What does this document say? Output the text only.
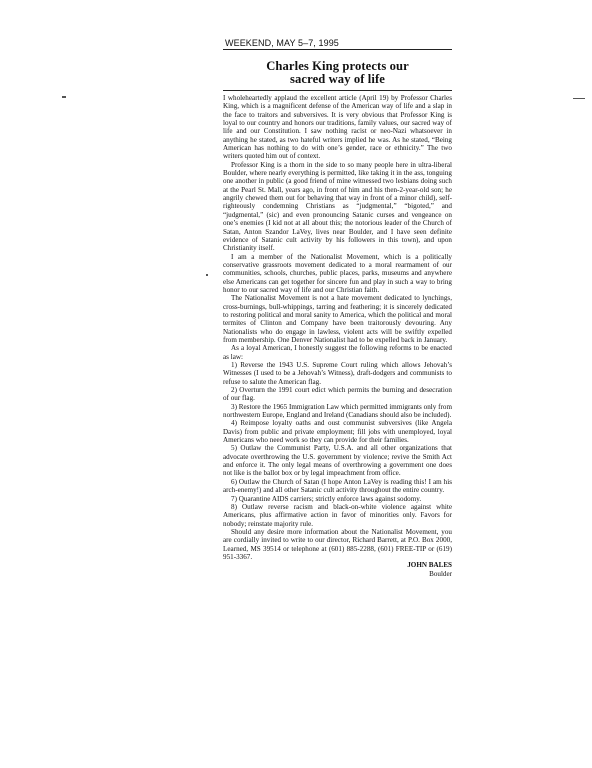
WEEKEND, MAY 5–7, 1995
Charles King protects our
sacred way of life

I wholeheartedly applaud the excellent article (April 19) by Professor Charles King, which is a magnificent defense of the American way of life and a slap in the face to traitors and subversives. It is very obvious that Professor King is loyal to our country and honors our traditions, family values, our sacred way of life and our Constitution. I saw nothing racist or neo-Nazi whatsoever in anything he stated, as two hateful writers implied he was. As he stated, “Being American has nothing to do with one’s gender, race or ethnicity.” The two writers quoted him out of context.

Professor King is a thorn in the side to so many people here in ultra-liberal Boulder, where nearly everything is permitted, like taking it in the ass, tonguing one another in public (a good friend of mine witnessed two lesbians doing such at the Pearl St. Mall, years ago, in front of him and his then-2-year-old son; he angrily chewed them out for behaving that way in front of a minor child), self-righteously condemning Christians as “judgmental,” “bigoted,” and “judgmental,” (sic) and even pronouncing Satanic curses and vengeance on one’s enemies (I kid not at all about this; the notorious leader of the Church of Satan, Anton Szandor LaVey, lives near Boulder, and I have seen definite evidence of Satanic cult activity by his followers in this town), and upon Christianity itself.

I am a member of the Nationalist Movement, which is a politically conservative grassroots movement dedicated to a moral rearmament of our communities, schools, churches, public places, parks, museums and anywhere else Americans can get together for sincere fun and play in such a way to bring honor to our sacred way of life and our Christian faith.

The Nationalist Movement is not a hate movement dedicated to lynchings, cross-burnings, bull-whippings, tarring and feathering; it is sincerely dedicated to restoring political and moral sanity to America, which the political and moral termites of Clinton and Company have been traitorously devouring. Any Nationalists who do engage in lawless, violent acts will be swiftly expelled from membership. One Denver Nationalist had to be expelled back in January.

As a loyal American, I honestly suggest the following reforms to be enacted as law:

1) Reverse the 1943 U.S. Supreme Court ruling which allows Jehovah’s Witnesses (I used to be a Jehovah’s Witness), draft-dodgers and communists to refuse to salute the American flag.

2) Overturn the 1991 court edict which permits the burning and desecration of our flag.

3) Restore the 1965 Immigration Law which permitted immigrants only from northwestern Europe, England and Ireland (Canadians should also be included).

4) Reimpose loyalty oaths and oust communist subversives (like Angela Davis) from public and private employment; fill jobs with unemployed, loyal Americans who need work so they can provide for their families.

5) Outlaw the Communist Party, U.S.A. and all other organizations that advocate overthrowing the U.S. government by violence; revive the Smith Act and enforce it. The only legal means of overthrowing a government one does not like is the ballot box or by legal impeachment from office.

6) Outlaw the Church of Satan (I hope Anton LaVey is reading this! I am his arch-enemy!) and all other Satanic cult activity throughout the entire country.

7) Quarantine AIDS carriers; strictly enforce laws against sodomy.

8) Outlaw reverse racism and black-on-white violence against white Americans, plus affirmative action in favor of minorities only. Favors for nobody; reinstate majority rule.

Should any desire more information about the Nationalist Movement, you are cordially invited to write to our director, Richard Barrett, at P.O. Box 2000, Learned, MS 39514 or telephone at (601) 885-2288, (601) FREE-TIP or (619) 951-3367.

JOHN BALES
Boulder
